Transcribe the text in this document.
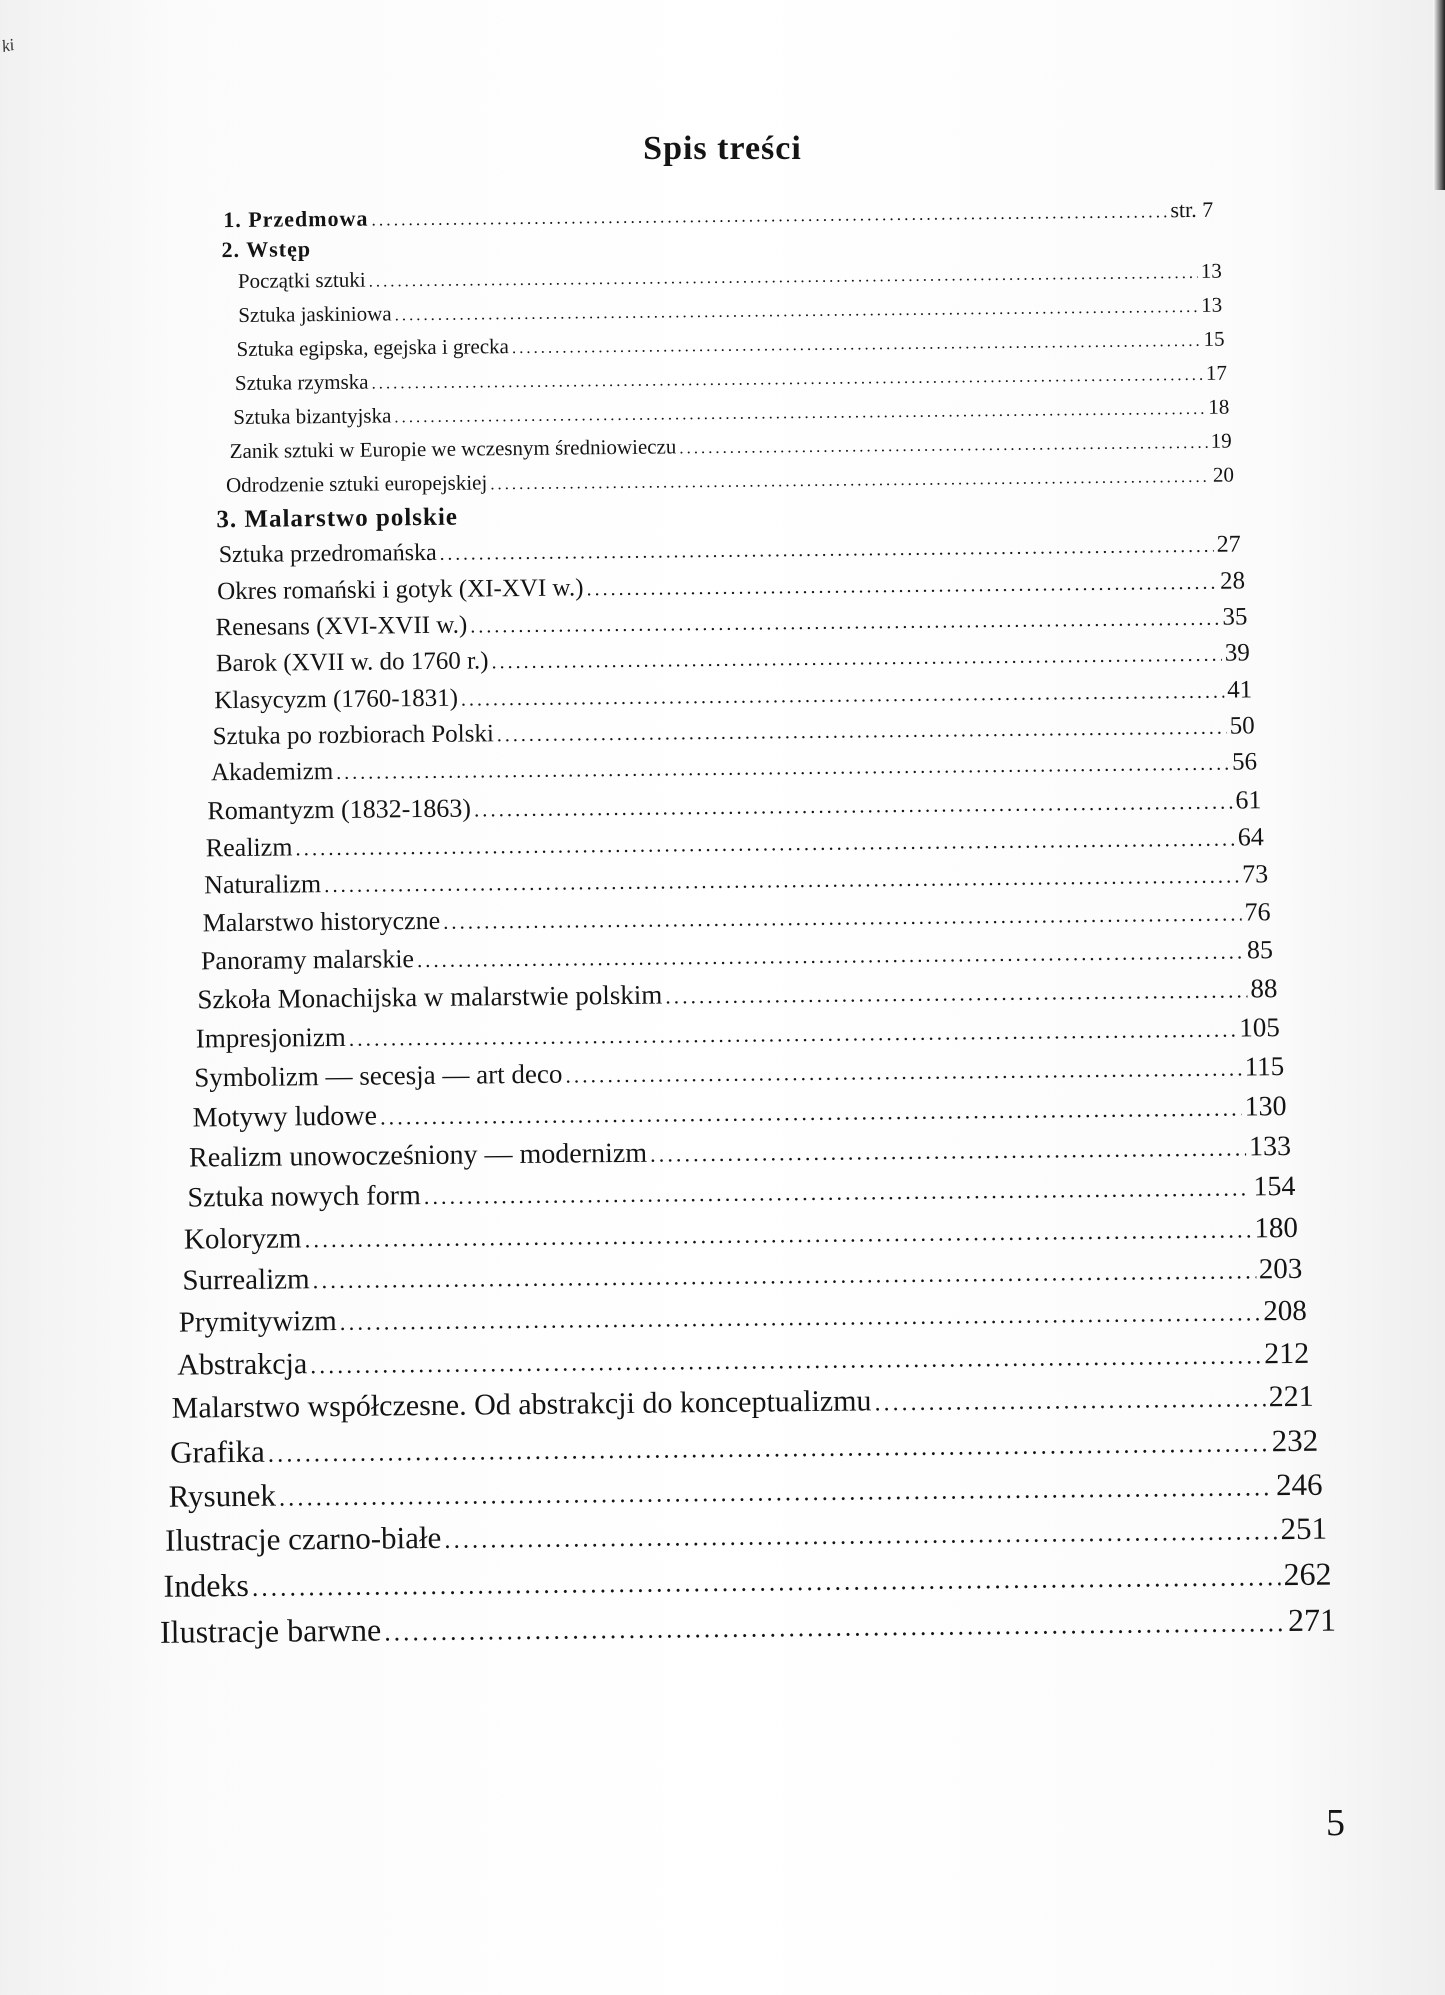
ki
Spis treści
1. Przedmowa .....	str. 7
2. Wstęp
Początki sztuki .....	13
Sztuka jaskiniowa .....	13
Sztuka egipska, egejska i grecka .....	15
Sztuka rzymska .....	17
Sztuka bizantyjska .....	18
Zanik sztuki w Europie we wczesnym średniowieczu .....	19
Odrodzenie sztuki europejskiej .....	20
3. Malarstwo polskie
Sztuka przedromańska .....	27
Okres romański i gotyk (XI-XVI w.) .....	28
Renesans (XVI-XVII w.) .....	35
Barok (XVII w. do 1760 r.) .....	39
Klasycyzm (1760-1831) .....	41
Sztuka po rozbiorach Polski .....	50
Akademizm .....	56
Romantyzm (1832-1863) .....	61
Realizm .....	64
Naturalizm .....	73
Malarstwo historyczne .....	76
Panoramy malarskie .....	85
Szkoła Monachijska w malarstwie polskim .....	88
Impresjonizm .....	105
Symbolizm — secesja — art deco .....	115
Motywy ludowe .....	130
Realizm unowocześniony — modernizm .....	133
Sztuka nowych form .....	154
Koloryzm .....	180
Surrealizm .....	203
Prymitywizm .....	208
Abstrakcja .....	212
Malarstwo współczesne. Od abstrakcji do konceptualizmu .....	221
Grafika .....	232
Rysunek .....	246
Ilustracje czarno-białe .....	251
Indeks .....	262
Ilustracje barwne .....	271
5
